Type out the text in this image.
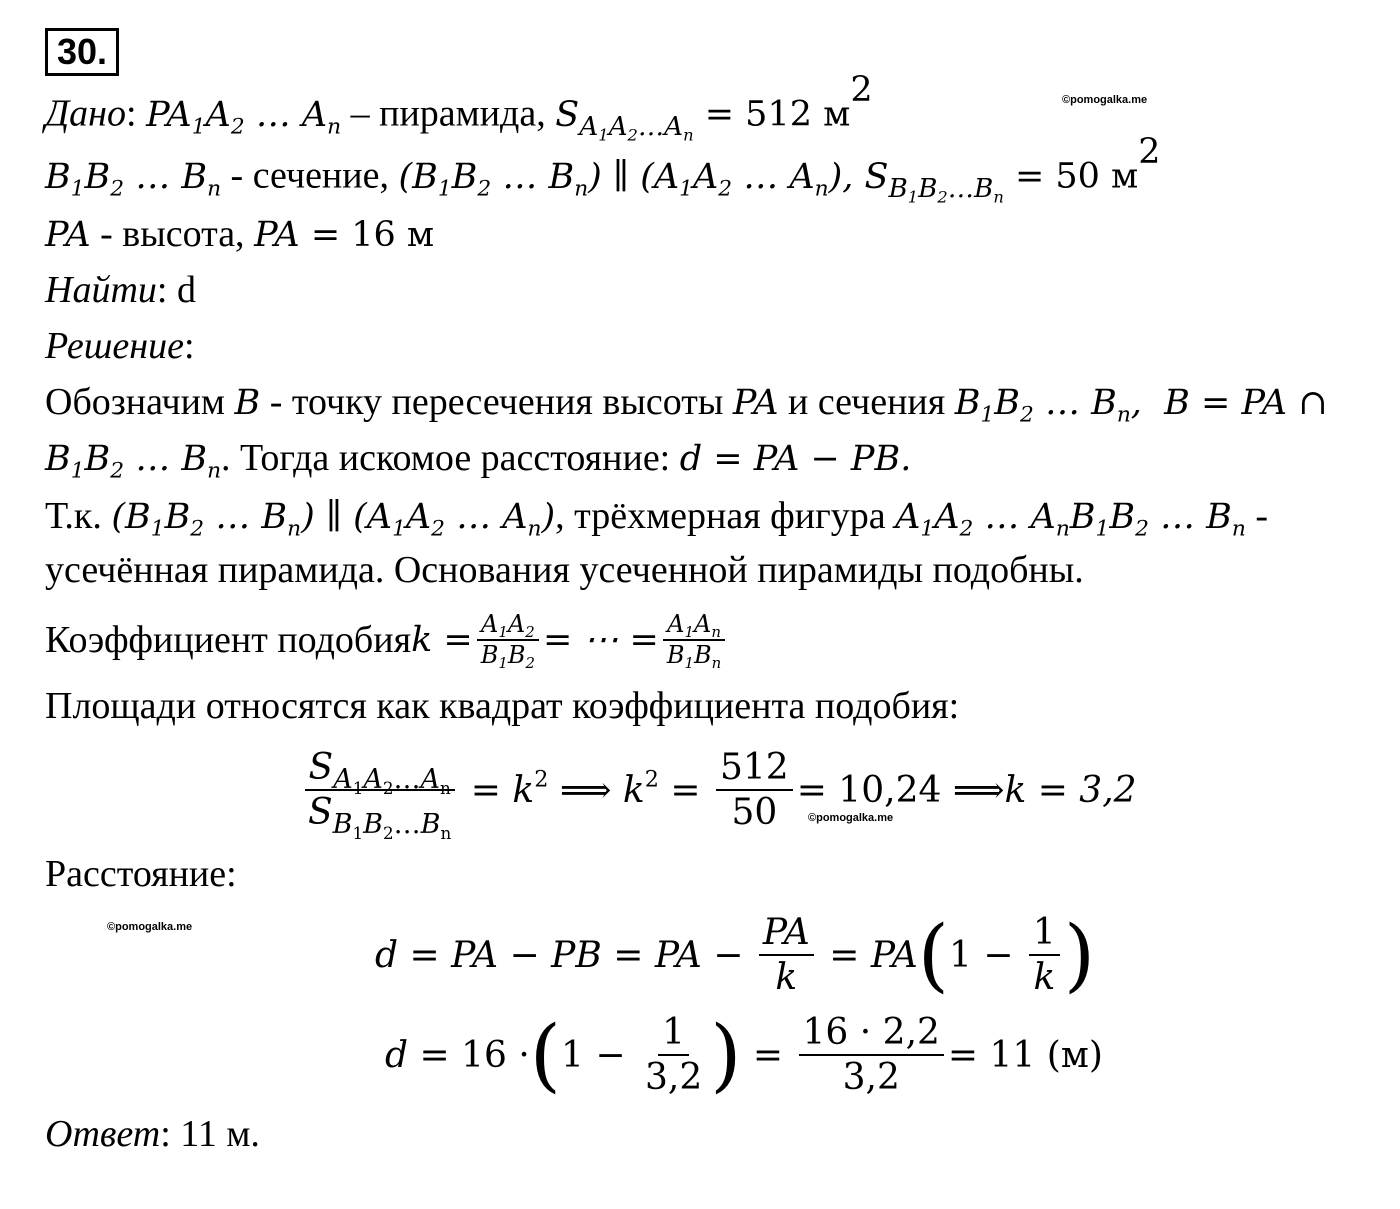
30.
©pomogalka.me
©pomogalka.me
©pomogalka.me
Дано: $PA_1A_2$ … $A_n$ – пирамида, $S_{A_1A_2\dots A_n} = 512$ $м^2$
$B_1B_2$ … $B_n$ - сечение, ($B_1B_2$ … $B_n$) ∥ ($A_1A_2$ … $A_n$), $S_{B_1B_2\dots B_n} = 50$ $м^2$
PA - высота, PA = 16 м
Найти: d
Решение:
Обозначим B - точку пересечения высоты PA и сечения $B_1B_2$ … $B_n$,  B = PA ∩
$B_1B_2$ … $B_n$. Тогда искомое расстояние: d = PA − PB.
Т.к. ($B_1B_2$ … $B_n$) ∥ ($A_1A_2$ … $A_n$), трёхмерная фигура $A_1A_2$ … $A_nB_1B_2$ … $B_n$ -
усечённая пирамида. Основания усеченной пирамиды подобны.
Коэффициент подобия $k = \frac{A_1A_2}{B_1B_2}$ = ⋯ = $\frac{A_1A_n}{B_1B_n}$
Площади относятся как квадрат коэффициента подобия:
$\frac{S_{A_1A_2\dots A_n}}{S_{B_1B_2\dots B_n}} = k^2$ ⟹ $k^2 = \frac{512}{50} = 10,24$ ⟹ k = 3,2
Расстояние:
d = PA − PB = PA − $\frac{PA}{k}$ = PA ( $1 - \frac{1}{k}$ )
d = 16 · ( $1 - \frac{1}{3,2}$ ) = $\frac{16 \cdot 2,2}{3,2} = 11$ (м)
Ответ: 11 м.
